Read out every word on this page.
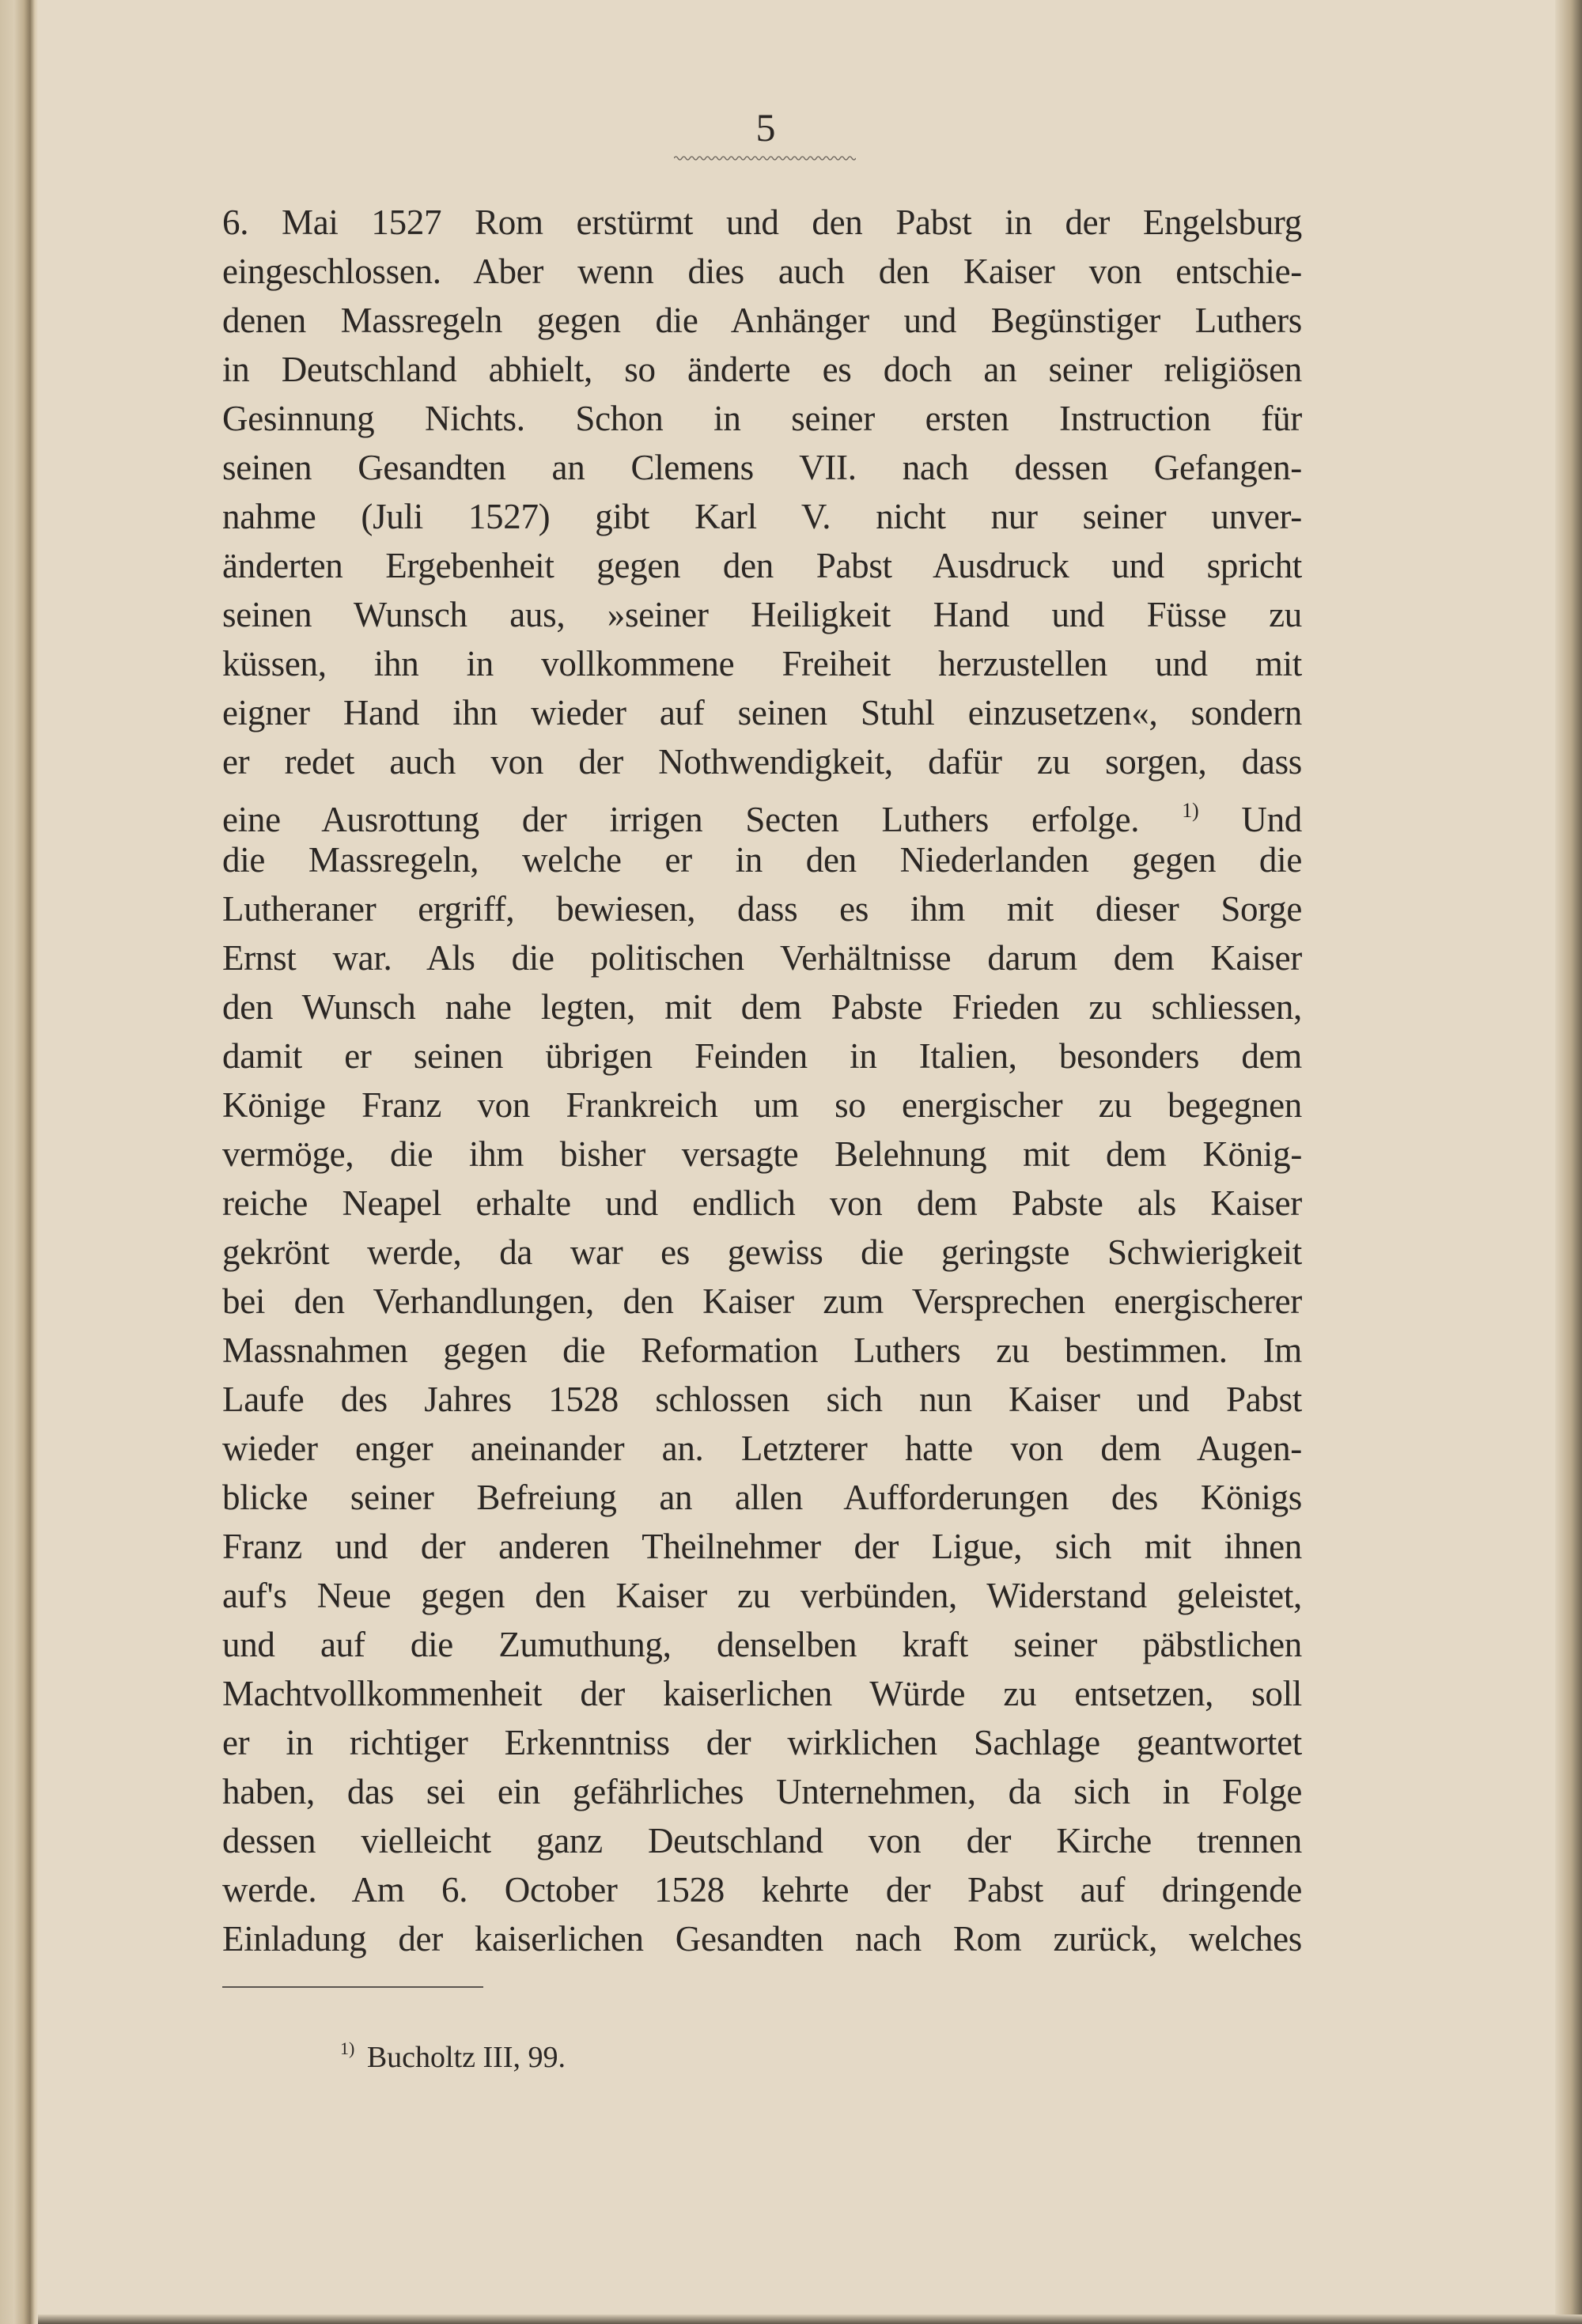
5
6. Mai 1527 Rom erstürmt und den Pabst in der Engelsburg
eingeschlossen. Aber wenn dies auch den Kaiser von entschie-
denen Massregeln gegen die Anhänger und Begünstiger Luthers
in Deutschland abhielt, so änderte es doch an seiner religiösen
Gesinnung Nichts. Schon in seiner ersten Instruction für
seinen Gesandten an Clemens VII. nach dessen Gefangen-
nahme (Juli 1527) gibt Karl V. nicht nur seiner unver-
änderten Ergebenheit gegen den Pabst Ausdruck und spricht
seinen Wunsch aus, »seiner Heiligkeit Hand und Füsse zu
küssen, ihn in vollkommene Freiheit herzustellen und mit
eigner Hand ihn wieder auf seinen Stuhl einzusetzen«, sondern
er redet auch von der Nothwendigkeit, dafür zu sorgen, dass
eine Ausrottung der irrigen Secten Luthers erfolge. $^{1)}$ Und
die Massregeln, welche er in den Niederlanden gegen die
Lutheraner ergriff, bewiesen, dass es ihm mit dieser Sorge
Ernst war. Als die politischen Verhältnisse darum dem Kaiser
den Wunsch nahe legten, mit dem Pabste Frieden zu schliessen,
damit er seinen übrigen Feinden in Italien, besonders dem
Könige Franz von Frankreich um so energischer zu begegnen
vermöge, die ihm bisher versagte Belehnung mit dem König-
reiche Neapel erhalte und endlich von dem Pabste als Kaiser
gekrönt werde, da war es gewiss die geringste Schwierigkeit
bei den Verhandlungen, den Kaiser zum Versprechen energischerer
Massnahmen gegen die Reformation Luthers zu bestimmen. Im
Laufe des Jahres 1528 schlossen sich nun Kaiser und Pabst
wieder enger aneinander an. Letzterer hatte von dem Augen-
blicke seiner Befreiung an allen Aufforderungen des Königs
Franz und der anderen Theilnehmer der Ligue, sich mit ihnen
auf's Neue gegen den Kaiser zu verbünden, Widerstand geleistet,
und auf die Zumuthung, denselben kraft seiner päbstlichen
Machtvollkommenheit der kaiserlichen Würde zu entsetzen, soll
er in richtiger Erkenntniss der wirklichen Sachlage geantwortet
haben, das sei ein gefährliches Unternehmen, da sich in Folge
dessen vielleicht ganz Deutschland von der Kirche trennen
werde. Am 6. October 1528 kehrte der Pabst auf dringende
Einladung der kaiserlichen Gesandten nach Rom zurück, welches
$^{1)}$ Bucholtz III, 99.
